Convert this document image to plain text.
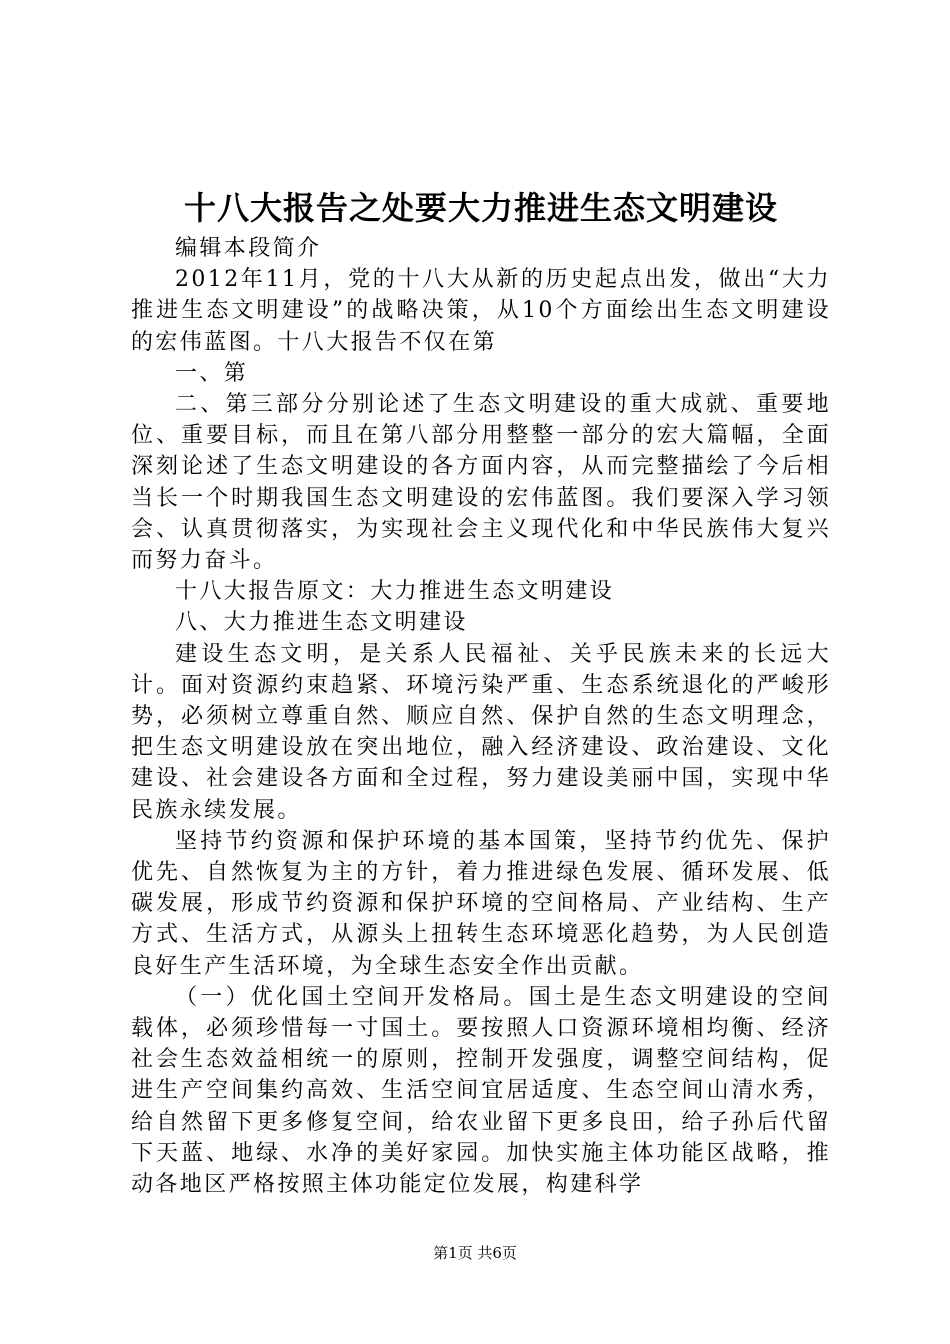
十八大报告之处要大力推进生态文明建设

编辑本段简介

2012年11月，党的十八大从新的历史起点出发，做出“大力推进生态文明建设”的战略决策，从10个方面绘出生态文明建设的宏伟蓝图。十八大报告不仅在第

一、第

二、第三部分分别论述了生态文明建设的重大成就、重要地位、重要目标，而且在第八部分用整整一部分的宏大篇幅，全面深刻论述了生态文明建设的各方面内容，从而完整描绘了今后相当长一个时期我国生态文明建设的宏伟蓝图。我们要深入学习领会、认真贯彻落实，为实现社会主义现代化和中华民族伟大复兴而努力奋斗。

十八大报告原文：大力推进生态文明建设

八、大力推进生态文明建设

建设生态文明，是关系人民福祉、关乎民族未来的长远大计。面对资源约束趋紧、环境污染严重、生态系统退化的严峻形势，必须树立尊重自然、顺应自然、保护自然的生态文明理念，把生态文明建设放在突出地位，融入经济建设、政治建设、文化建设、社会建设各方面和全过程，努力建设美丽中国，实现中华民族永续发展。

坚持节约资源和保护环境的基本国策，坚持节约优先、保护优先、自然恢复为主的方针，着力推进绿色发展、循环发展、低碳发展，形成节约资源和保护环境的空间格局、产业结构、生产方式、生活方式，从源头上扭转生态环境恶化趋势，为人民创造良好生产生活环境，为全球生态安全作出贡献。

（一）优化国土空间开发格局。国土是生态文明建设的空间载体，必须珍惜每一寸国土。要按照人口资源环境相均衡、经济社会生态效益相统一的原则，控制开发强度，调整空间结构，促进生产空间集约高效、生活空间宜居适度、生态空间山清水秀，给自然留下更多修复空间，给农业留下更多良田，给子孙后代留下天蓝、地绿、水净的美好家园。加快实施主体功能区战略，推动各地区严格按照主体功能定位发展，构建科学

第1页 共6页
